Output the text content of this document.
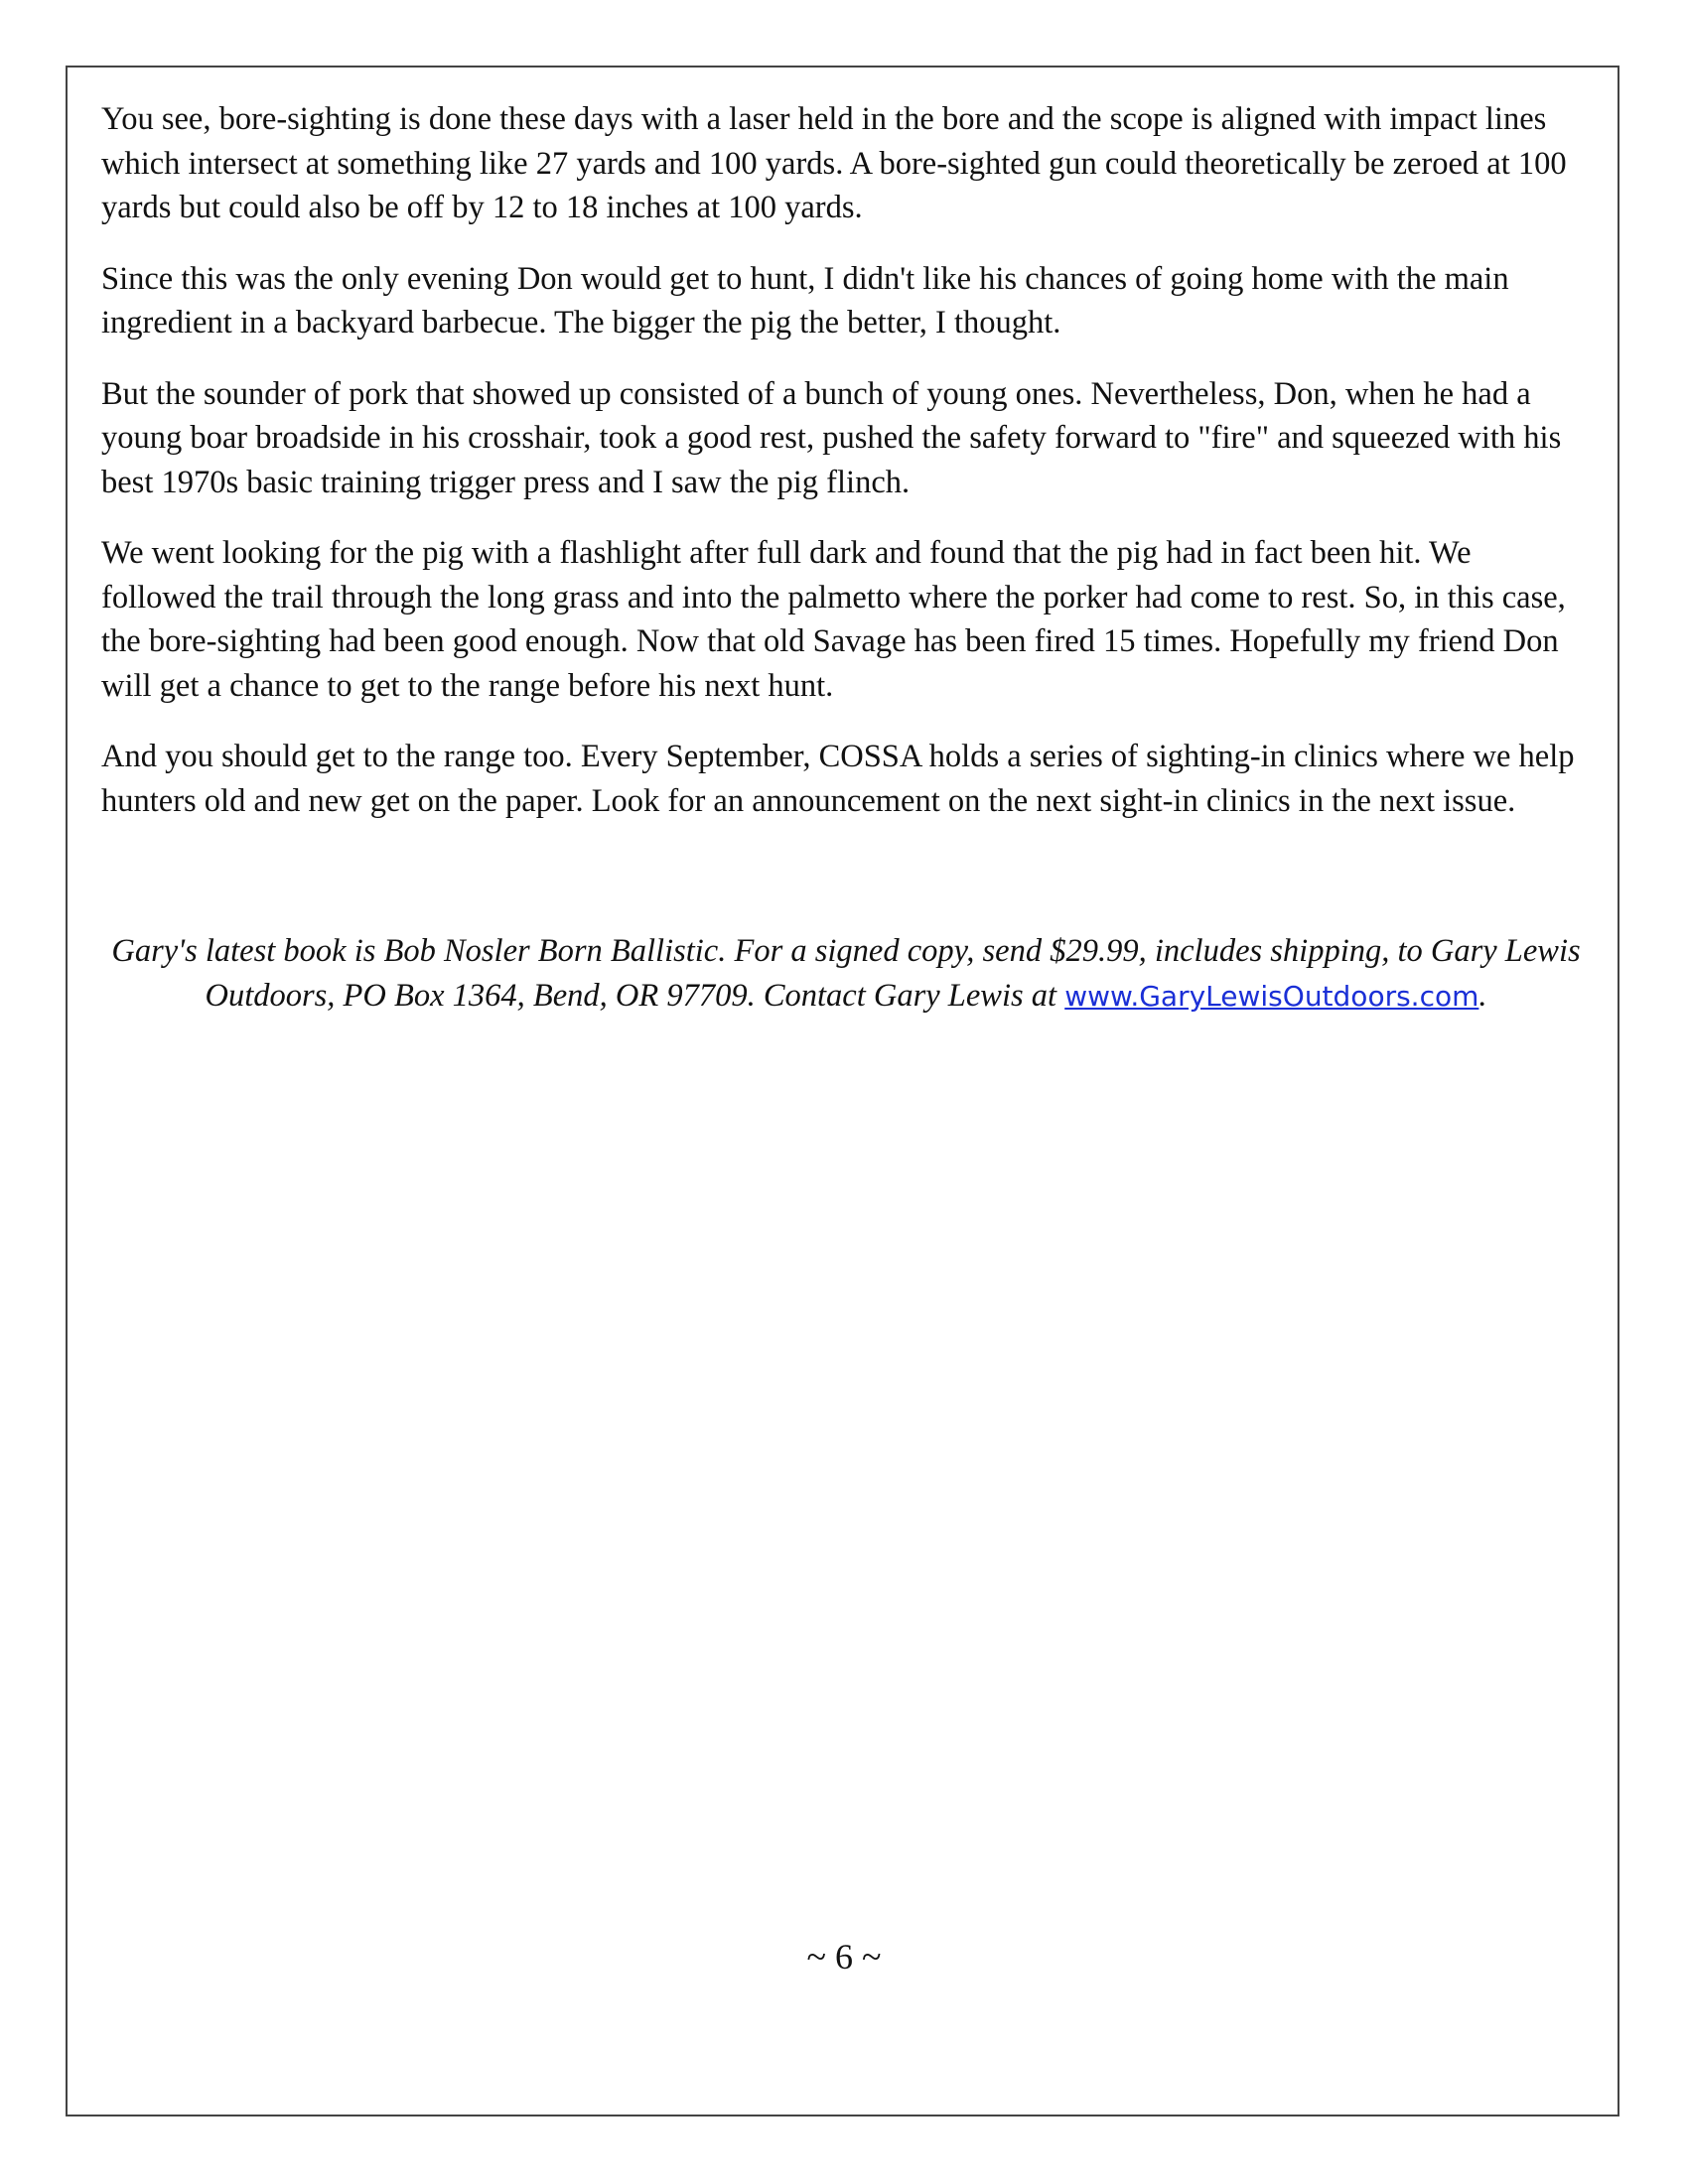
You see, bore-sighting is done these days with a laser held in the bore and the scope is aligned with impact lines which intersect at something like 27 yards and 100 yards. A bore-sighted gun could theoretically be zeroed at 100 yards but could also be off by 12 to 18 inches at 100 yards.

Since this was the only evening Don would get to hunt, I didn't like his chances of going home with the main ingredient in a backyard barbecue. The bigger the pig the better, I thought.

But the sounder of pork that showed up consisted of a bunch of young ones. Nevertheless, Don, when he had a young boar broadside in his crosshair, took a good rest, pushed the safety forward to "fire" and squeezed with his best 1970s basic training trigger press and I saw the pig flinch.

We went looking for the pig with a flashlight after full dark and found that the pig had in fact been hit. We followed the trail through the long grass and into the palmetto where the porker had come to rest. So, in this case, the bore-sighting had been good enough. Now that old Savage has been fired 15 times. Hopefully my friend Don will get a chance to get to the range before his next hunt.

And you should get to the range too. Every September, COSSA holds a series of sighting-in clinics where we help hunters old and new get on the paper. Look for an announcement on the next sight-in clinics in the next issue.

Gary's latest book is Bob Nosler Born Ballistic. For a signed copy, send $29.99, includes shipping, to Gary Lewis Outdoors, PO Box 1364, Bend, OR 97709. Contact Gary Lewis at www.GaryLewisOutdoors.com.
~ 6 ~
